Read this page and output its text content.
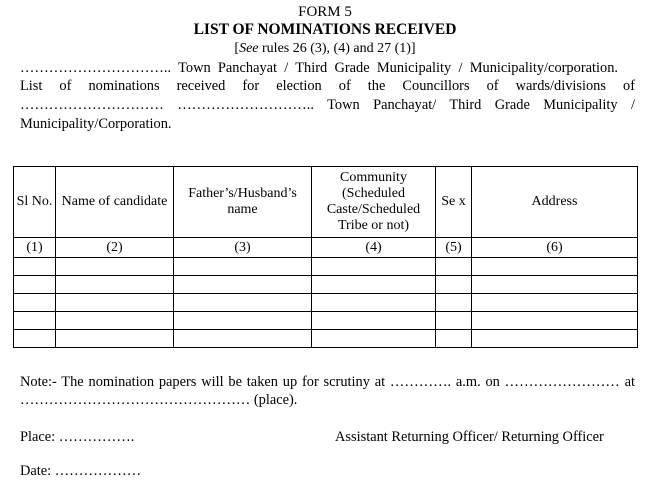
FORM 5
LIST OF NOMINATIONS RECEIVED
[See rules 26 (3), (4) and 27 (1)]
………………………….. Town Panchayat / Third Grade Municipality / Municipality/corporation.
List of nominations received for election of the Councillors of wards/divisions of
………………………… ……………………….. Town Panchayat/ Third Grade Municipality /
Municipality/Corporation.
Sl No.	Name of candidate	Father’s/Husband’s name	Community (Scheduled Caste/Scheduled Tribe or not)	Se x	Address
(1)	(2)	(3)	(4)	(5)	(6)

Note:- The nomination papers will be taken up for scrutiny at …………. a.m. on …………………… at
………………………………………… (place).
Place: …………….	Assistant Returning Officer/ Returning Officer
Date: ………………
